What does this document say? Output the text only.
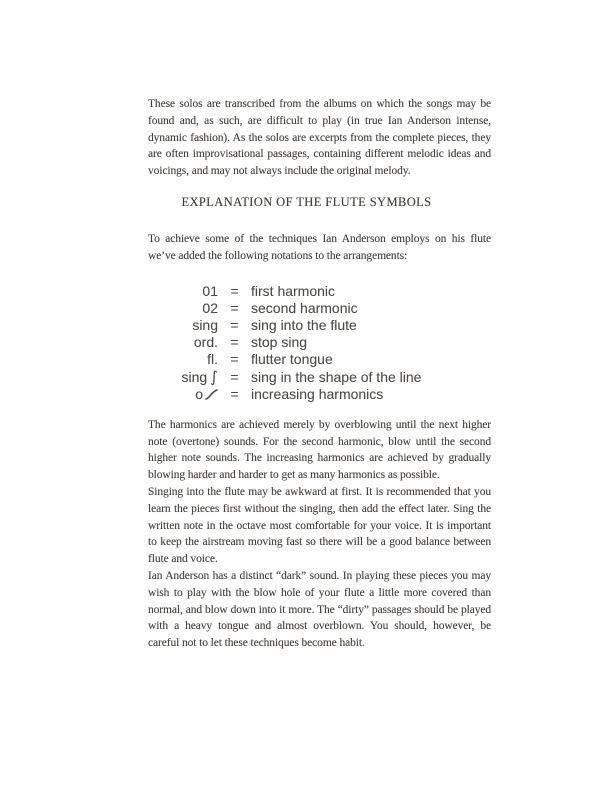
These solos are transcribed from the albums on which the songs may be found and, as such, are difficult to play (in true Ian Anderson intense, dynamic fashion). As the solos are excerpts from the complete pieces, they are often improvisational passages, containing different melodic ideas and voicings, and may not always include the original melody.

EXPLANATION OF THE FLUTE SYMBOLS

To achieve some of the techniques Ian Anderson employs on his flute we’ve added the following notations to the arrangements:

01 = first harmonic
02 = second harmonic
sing = sing into the flute
ord. = stop sing
fl. = flutter tongue
sing ∫ = sing in the shape of the line
o	= increasing harmonics

The harmonics are achieved merely by overblowing until the next higher note (overtone) sounds. For the second harmonic, blow until the second higher note sounds. The increasing harmonics are achieved by gradually blowing harder and harder to get as many harmonics as possible.

Singing into the flute may be awkward at first. It is recommended that you learn the pieces first without the singing, then add the effect later. Sing the written note in the octave most comfortable for your voice. It is important to keep the airstream moving fast so there will be a good balance between flute and voice.

Ian Anderson has a distinct “dark” sound. In playing these pieces you may wish to play with the blow hole of your flute a little more covered than normal, and blow down into it more. The “dirty” passages should be played with a heavy tongue and almost overblown. You should, however, be careful not to let these techniques become habit.
